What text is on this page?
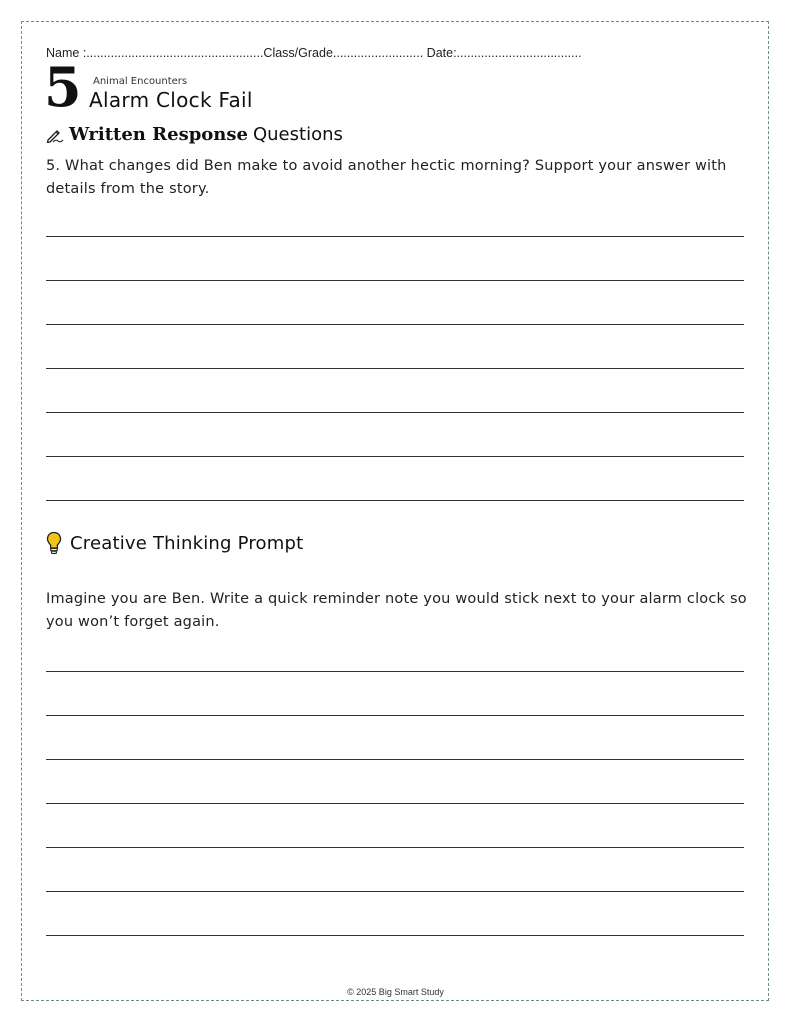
Name :...................................................Class/Grade.......................... Date:....................................
5 Animal Encounters
Alarm Clock Fail
Written Response Questions
5. What changes did Ben make to avoid another hectic morning? Support your answer with details from the story.
Creative Thinking Prompt
Imagine you are Ben. Write a quick reminder note you would stick next to your alarm clock so you won’t forget again.
© 2025 Big Smart Study
